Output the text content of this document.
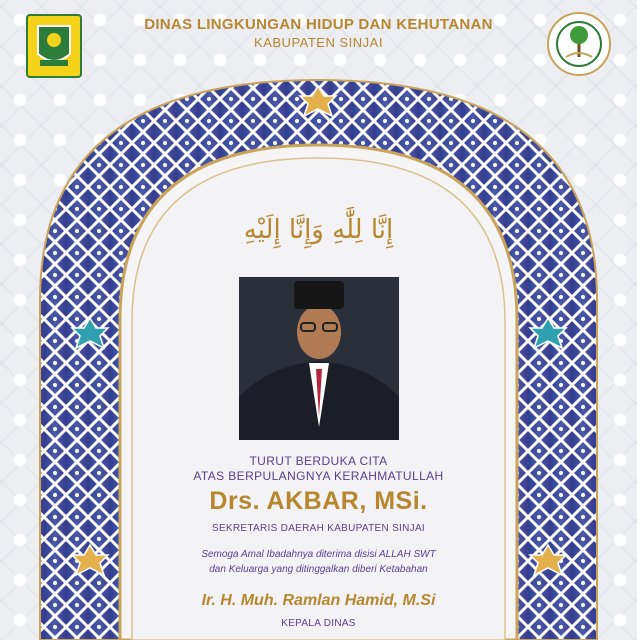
DINAS LINGKUNGAN HIDUP DAN KEHUTANAN
KABUPATEN SINJAI
إِنَّا لِلَّٰهِ وَإِنَّا إِلَيْهِ
TURUT BERDUKA CITA
ATAS BERPULANGNYA KERAHMATULLAH
Drs. AKBAR, MSi.
SEKRETARIS DAERAH KABUPATEN SINJAI
Semoga Amal Ibadahnya diterima disisi ALLAH SWT
dan Keluarga yang ditinggalkan diberi Ketabahan
Ir. H. Muh. Ramlan Hamid, M.Si
KEPALA DINAS
